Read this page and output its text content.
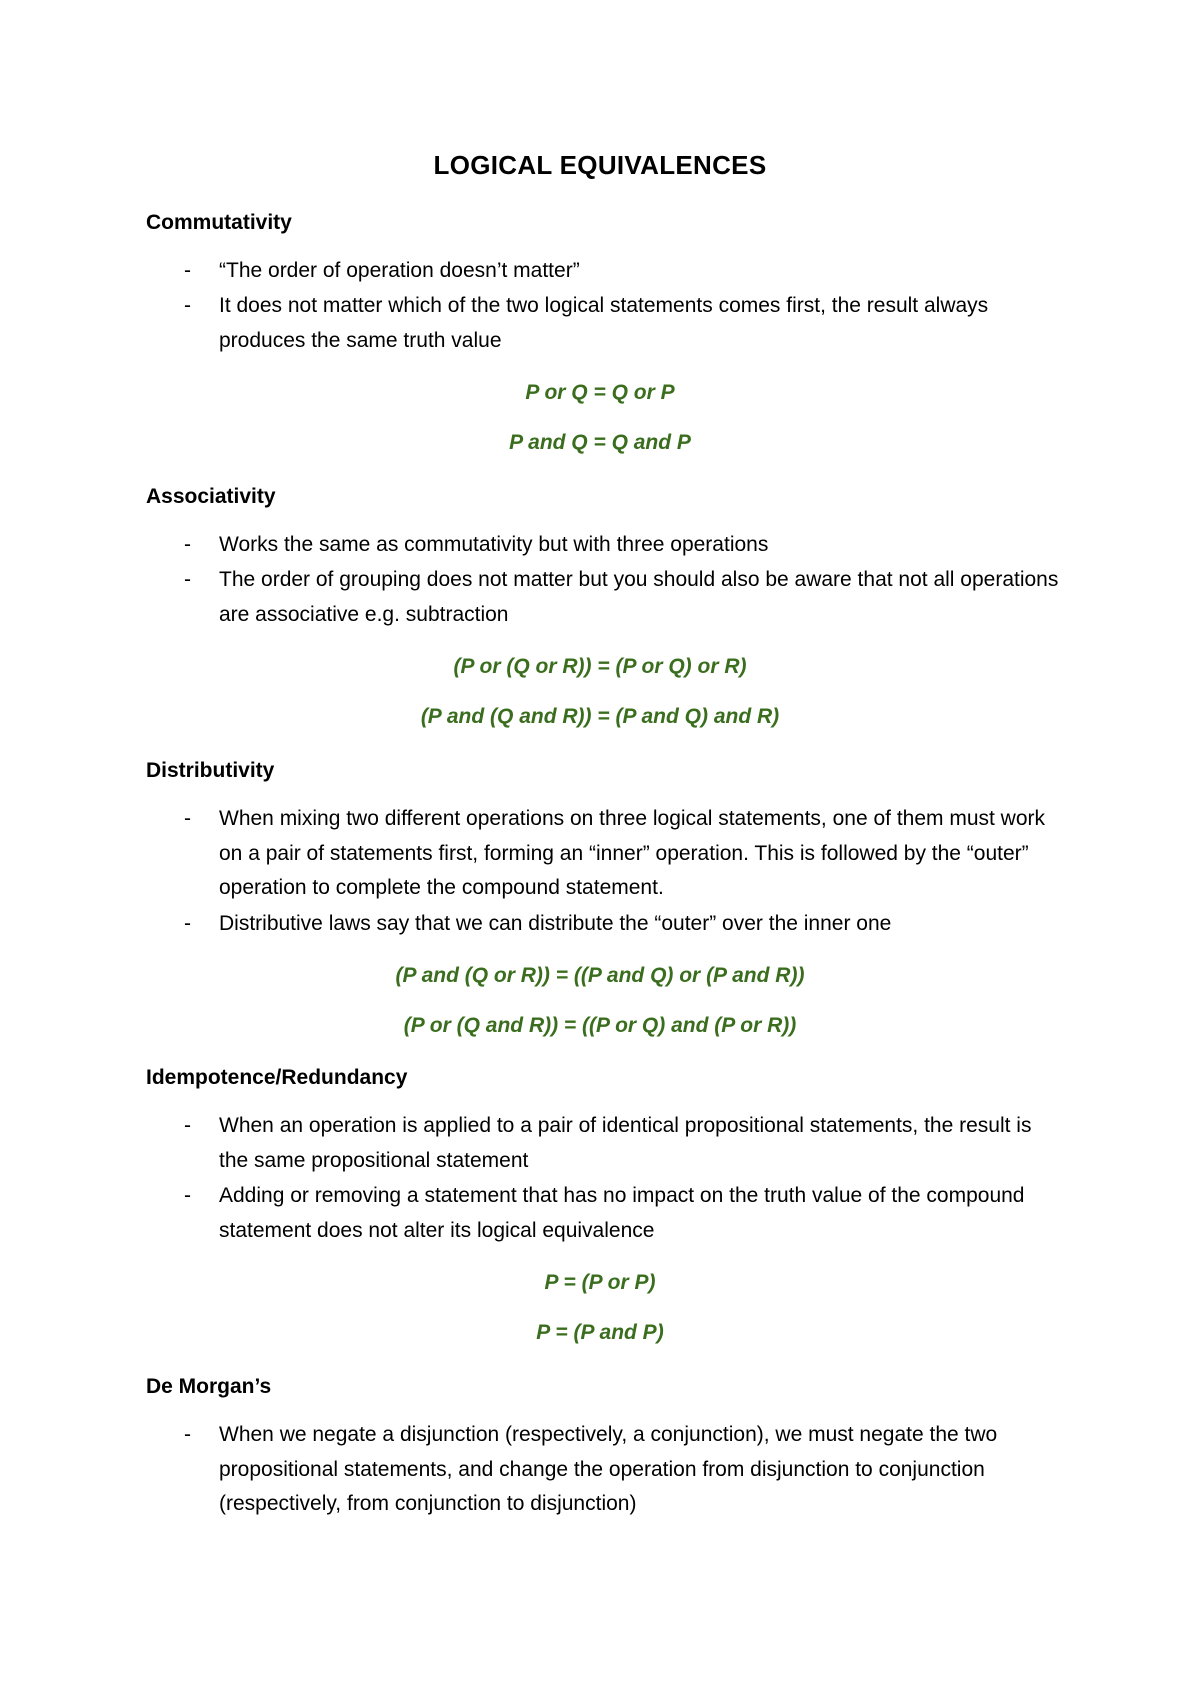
LOGICAL EQUIVALENCES
Commutativity
- “The order of operation doesn’t matter”
- It does not matter which of the two logical statements comes first, the result always produces the same truth value
P or Q = Q or P
P and Q = Q and P
Associativity
- Works the same as commutativity but with three operations
- The order of grouping does not matter but you should also be aware that not all operations are associative e.g. subtraction
(P or (Q or R)) = (P or Q) or R)
(P and (Q and R)) = (P and Q) and R)
Distributivity
- When mixing two different operations on three logical statements, one of them must work on a pair of statements first, forming an “inner” operation. This is followed by the “outer” operation to complete the compound statement.
- Distributive laws say that we can distribute the “outer” over the inner one
(P and (Q or R)) = ((P and Q) or (P and R))
(P or (Q and R)) = ((P or Q) and (P or R))
Idempotence/Redundancy
- When an operation is applied to a pair of identical propositional statements, the result is the same propositional statement
- Adding or removing a statement that has no impact on the truth value of the compound statement does not alter its logical equivalence
P = (P or P)
P = (P and P)
De Morgan’s
- When we negate a disjunction (respectively, a conjunction), we must negate the two propositional statements, and change the operation from disjunction to conjunction (respectively, from conjunction to disjunction)
